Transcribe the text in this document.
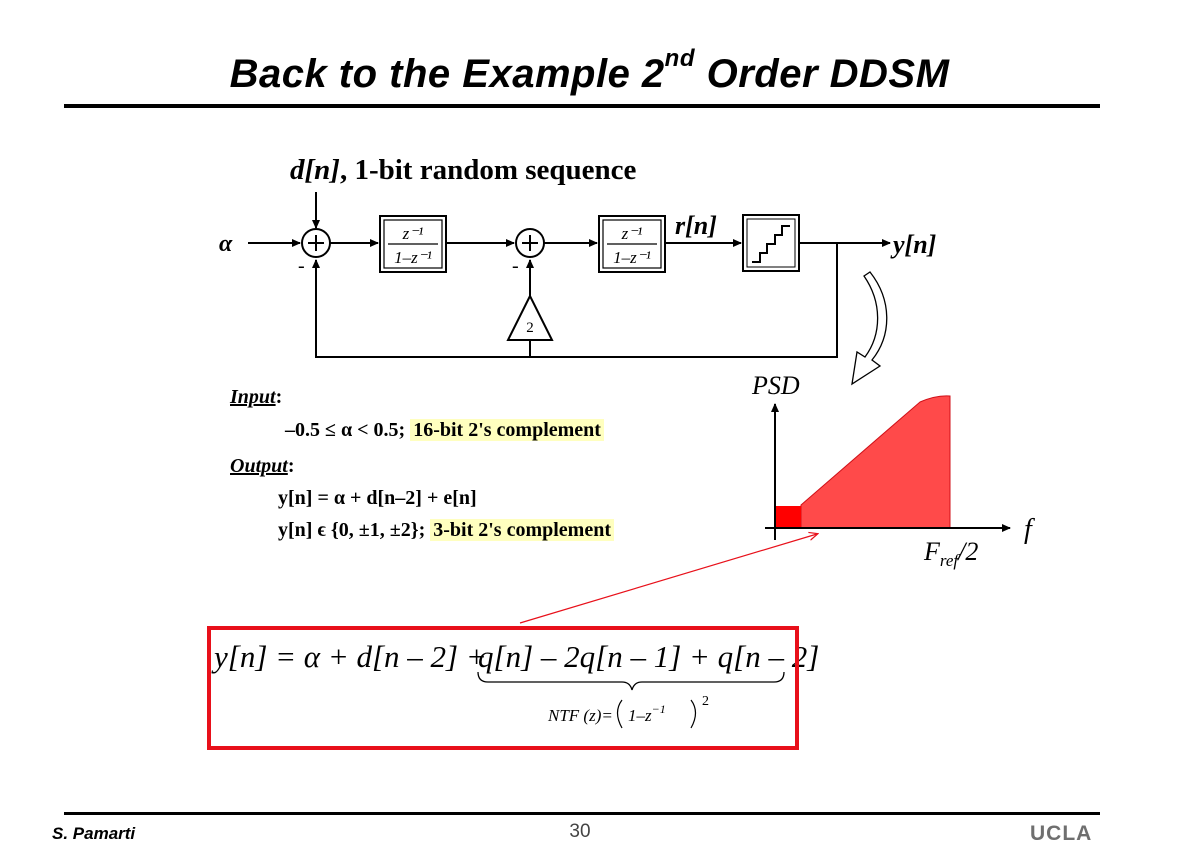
Back to the Example 2nd Order DDSM
d[n], 1-bit random sequence
α
-
z⁻¹
1–z⁻¹	-
z⁻¹
1–z⁻¹
r[n]
y[n]
2
PSD
f
$F_{ref}/2$
y[n] = α + d[n – 2] +
q[n] – 2q[n – 1] + q[n – 2]
NTF $(z)= 1-z^{-1}$	2
Input:
–0.5 ≤ α < 0.5; 16-bit 2's complement
Output:
y[n] = α + d[n–2] + e[n]
y[n] ϵ {0, ±1, ±2}; 3-bit 2's complement
S. Pamarti	30	UCLA
